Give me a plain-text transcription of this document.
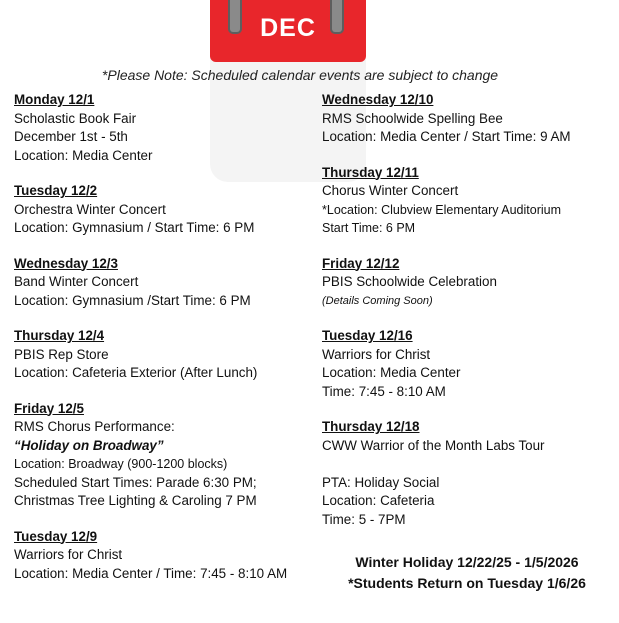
DEC
*Please Note: Scheduled calendar events are subject to change
Monday 12/1
Scholastic Book Fair
December 1st - 5th
Location: Media Center
Tuesday 12/2
Orchestra Winter Concert
Location: Gymnasium / Start Time: 6 PM
Wednesday 12/3
Band Winter Concert
Location: Gymnasium /Start Time: 6 PM
Thursday 12/4
PBIS Rep Store
Location: Cafeteria Exterior (After Lunch)
Friday 12/5
RMS Chorus Performance:
“Holiday on Broadway”
Location: Broadway (900-1200 blocks)
Scheduled Start Times: Parade 6:30 PM;
Christmas Tree Lighting & Caroling 7 PM
Tuesday 12/9
Warriors for Christ
Location: Media Center / Time: 7:45 - 8:10 AM
Wednesday 12/10
RMS Schoolwide Spelling Bee
Location: Media Center / Start Time: 9 AM
Thursday 12/11
Chorus Winter Concert
*Location: Clubview Elementary Auditorium
Start Time: 6 PM
Friday 12/12
PBIS Schoolwide Celebration
(Details Coming Soon)
Tuesday 12/16
Warriors for Christ
Location: Media Center
Time: 7:45 - 8:10 AM
Thursday 12/18
CWW Warrior of the Month Labs Tour
PTA: Holiday Social
Location: Cafeteria
Time: 5 - 7PM
Winter Holiday 12/22/25 - 1/5/2026
*Students Return on Tuesday 1/6/26
